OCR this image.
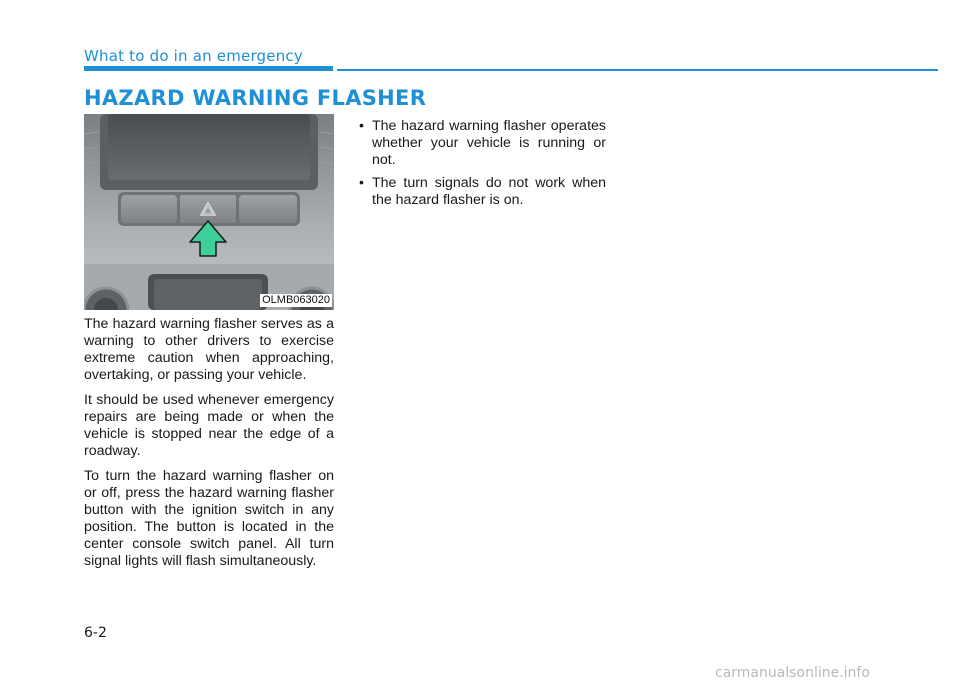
What to do in an emergency
HAZARD WARNING FLASHER
OLMB063020

The hazard warning flasher serves as a warning to other drivers to exercise extreme caution when approaching, overtaking, or passing your vehicle.

It should be used whenever emergency repairs are being made or when the vehicle is stopped near the edge of a roadway.

To turn the hazard warning flasher on or off, press the hazard warning flasher button with the ignition switch in any position. The button is located in the center console switch panel. All turn signal lights will flash simultaneously.

• The hazard warning flasher operates whether your vehicle is running or not.
• The turn signals do not work when the hazard flasher is on.
6-2
carmanualsonline.info
